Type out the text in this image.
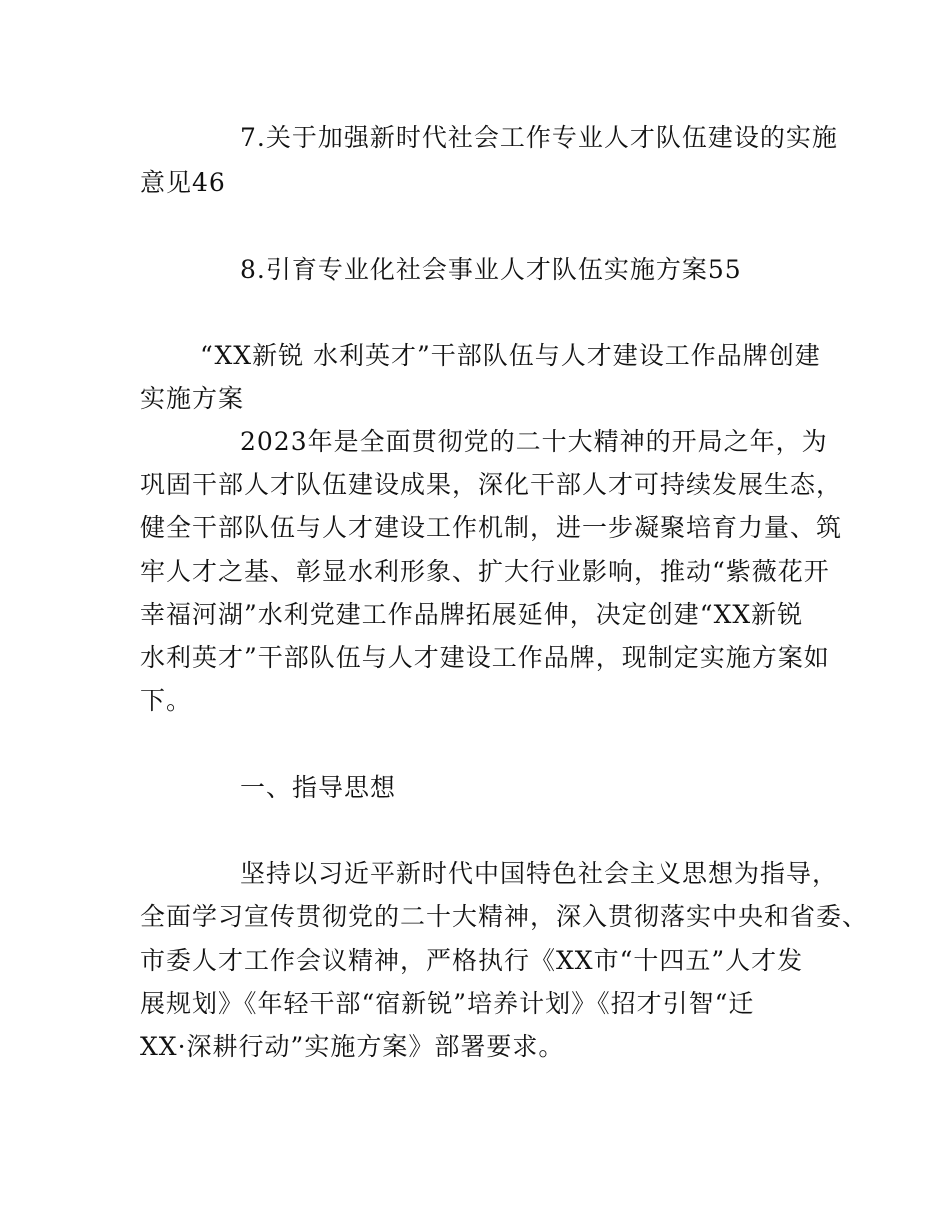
7.关于加强新时代社会工作专业人才队伍建设的实施
意见46
8.引育专业化社会事业人才队伍实施方案55
“XX新锐 水利英才”干部队伍与人才建设工作品牌创建
实施方案
2023年是全面贯彻党的二十大精神的开局之年，为
巩固干部人才队伍建设成果，深化干部人才可持续发展生态，
健全干部队伍与人才建设工作机制，进一步凝聚培育力量、筑
牢人才之基、彰显水利形象、扩大行业影响，推动“紫薇花开
幸福河湖”水利党建工作品牌拓展延伸，决定创建“XX新锐
水利英才”干部队伍与人才建设工作品牌，现制定实施方案如
下。
一、指导思想
坚持以习近平新时代中国特色社会主义思想为指导，
全面学习宣传贯彻党的二十大精神，深入贯彻落实中央和省委、
市委人才工作会议精神，严格执行《XX市“十四五”人才发
展规划》《年轻干部“宿新锐”培养计划》《招才引智“迁
XX·深耕行动”实施方案》部署要求。
